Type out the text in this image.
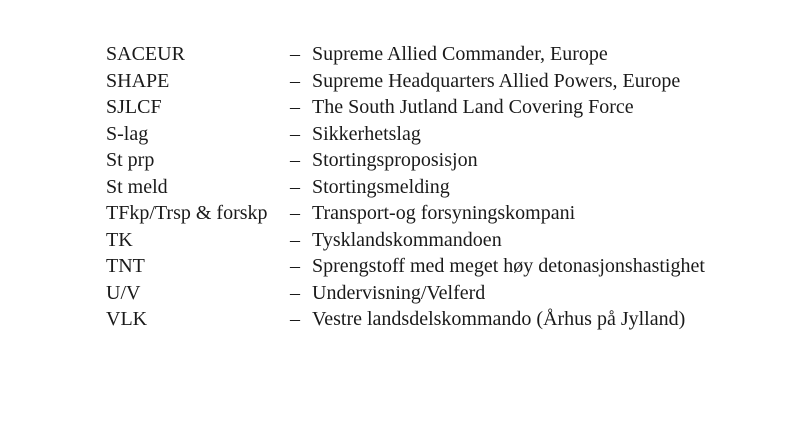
SACEUR	– Supreme Allied Commander, Europe
SHAPE	– Supreme Headquarters Allied Powers, Europe
SJLCF	– The South Jutland Land Covering Force
S-lag	– Sikkerhetslag
St prp	– Stortingsproposisjon
St meld	– Stortingsmelding
TFkp/Trsp & forskp	– Transport-og forsyningskompani
TK	– Tysklandskommandoen
TNT	– Sprengstoff med meget høy detonasjonshastighet
U/V	– Undervisning/Velferd
VLK	– Vestre landsdelskommando (Århus på Jylland)
